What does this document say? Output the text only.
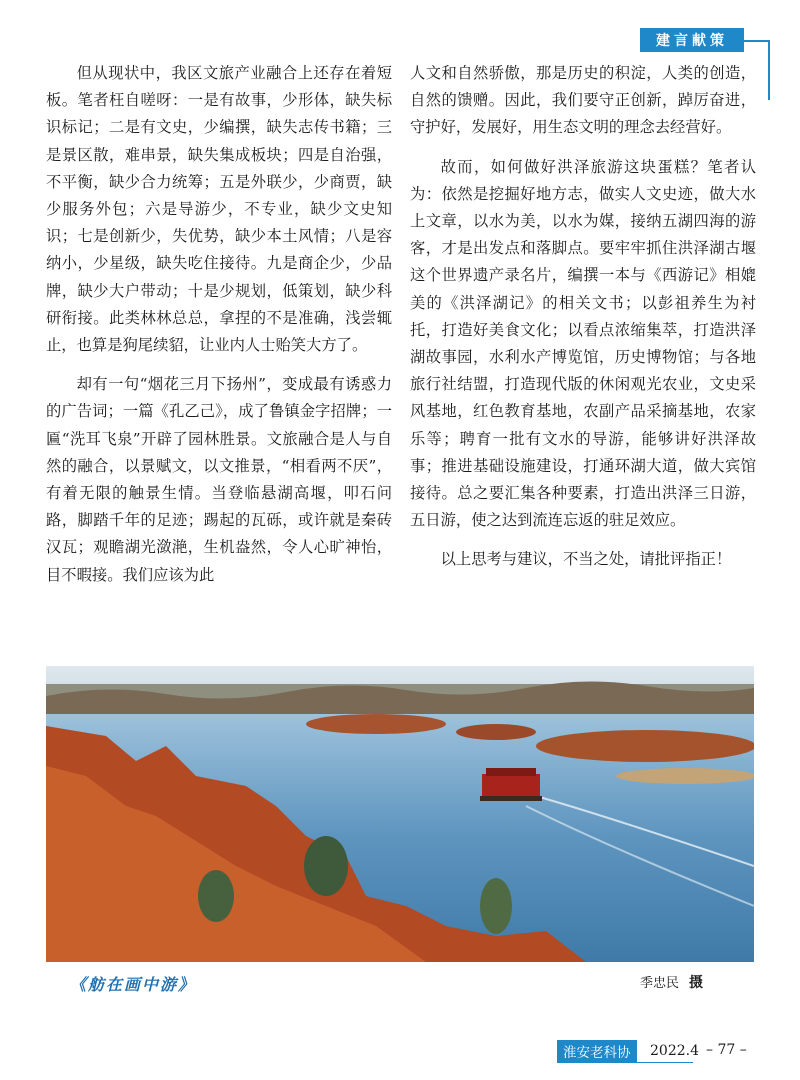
建言献策

但从现状中，我区文旅产业融合上还存在着短板。笔者枉自嗟呀：一是有故事，少形体，缺失标识标记；二是有文史，少编撰，缺失志传书籍；三是景区散，难串景，缺失集成板块；四是自治强，不平衡，缺少合力统筹；五是外联少，少商贾，缺少服务外包；六是导游少，不专业，缺少文史知识；七是创新少，失优势，缺少本土风情；八是容纳小，少星级，缺失吃住接待。九是商企少，少品牌，缺少大户带动；十是少规划，低策划，缺少科研衔接。此类林林总总，拿捏的不是准确，浅尝辄止，也算是狗尾续貂，让业内人士贻笑大方了。

却有一句“烟花三月下扬州”，变成最有诱惑力的广告词；一篇《孔乙己》，成了鲁镇金字招牌；一匾“洗耳飞泉”开辟了园林胜景。文旅融合是人与自然的融合，以景赋文，以文推景，“相看两不厌”，有着无限的触景生情。当登临悬湖高堰，叩石问路，脚踏千年的足迹；踢起的瓦砾，或许就是秦砖汉瓦；观瞻湖光潋滟，生机盎然，令人心旷神怡，目不暇接。我们应该为此

人文和自然骄傲，那是历史的积淀，人类的创造，自然的馈赠。因此，我们要守正创新，踔厉奋进，守护好，发展好，用生态文明的理念去经营好。

故而，如何做好洪泽旅游这块蛋糕？笔者认为：依然是挖掘好地方志，做实人文史迹，做大水上文章，以水为美，以水为媒，接纳五湖四海的游客，才是出发点和落脚点。要牢牢抓住洪泽湖古堰这个世界遗产录名片，编撰一本与《西游记》相媲美的《洪泽湖记》的相关文书；以彭祖养生为衬托，打造好美食文化；以看点浓缩集萃，打造洪泽湖故事园，水利水产博览馆，历史博物馆；与各地旅行社结盟，打造现代版的休闲观光农业，文史采风基地，红色教育基地，农副产品采摘基地，农家乐等；聘育一批有文水的导游，能够讲好洪泽故事；推进基础设施建设，打通环湖大道，做大宾馆接待。总之要汇集各种要素，打造出洪泽三日游，五日游，使之达到流连忘返的驻足效应。

以上思考与建议，不当之处，请批评指正！

《舫在画中游》	季忠民 摄
淮安老科协	2022.4 – 77 –
